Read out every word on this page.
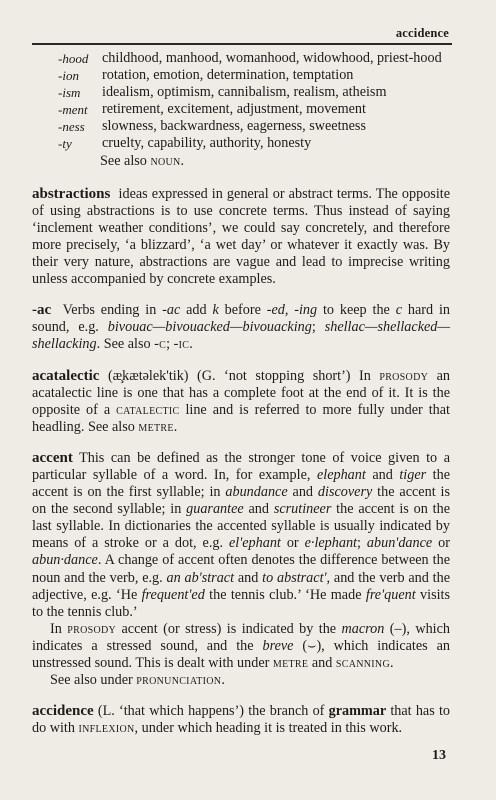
accidence
-hood childhood, manhood, womanhood, widowhood, priest-hood
-ion	rotation, emotion, determination, temptation
-ism	idealism, optimism, cannibalism, realism, atheism
-ment	retirement, excitement, adjustment, movement
-ness	slowness, backwardness, eagerness, sweetness
-ty	cruelty, capability, authority, honesty
See also noun.
abstractions ideas expressed in general or abstract terms. The opposite of using abstractions is to use concrete terms. Thus instead of saying ‘inclement weather conditions’, we could say concretely, and therefore more precisely, ‘a blizzard’, ‘a wet day’ or whatever it exactly was. By their very nature, abstractions are vague and lead to imprecise writing unless accompanied by concrete examples.
-ac Verbs ending in -ac add k before -ed, -ing to keep the c hard in sound, e.g. bivouac—bivouacked—bivouacking; shellac—shellacked—shellacking. See also -c; -ic.
acatalectic (æ̧kætəlek'tik) (G. ‘not stopping short’) In prosody an acatalectic line is one that has a complete foot at the end of it. It is the opposite of a catalectic line and is referred to more fully under that headling. See also metre.
accent This can be defined as the stronger tone of voice given to a particular syllable of a word. In, for example, elephant and tiger the accent is on the first syllable; in abundance and discovery the accent is on the second syllable; in guarantee and scrutineer the accent is on the last syllable. In dictionaries the accented syllable is usually indicated by means of a stroke or a dot, e.g. el'ephant or e·lephant; abun'dance or abun·dance. A change of accent often denotes the difference between the noun and the verb, e.g. an ab'stract and to abstract', and the verb and the adjective, e.g. ‘He frequent'ed the tennis club.’ ‘He made fre'quent visits to the tennis club.’
In prosody accent (or stress) is indicated by the macron (–), which indicates a stressed sound, and the breve (⌣), which indicates an unstressed sound. This is dealt with under metre and scanning.
See also under pronunciation.
accidence (L. ‘that which happens’) the branch of grammar that has to do with inflexion, under which heading it is treated in this work.
13
